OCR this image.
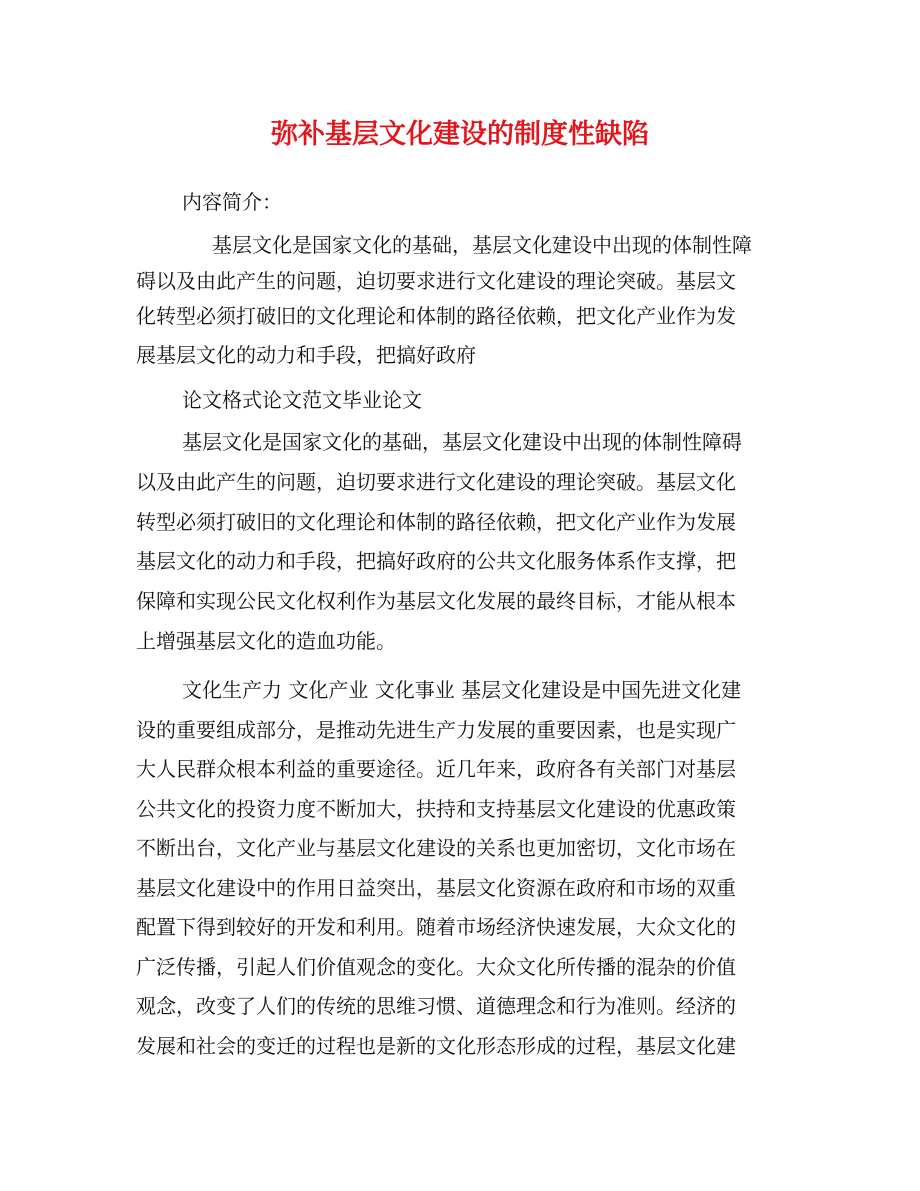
弥补基层文化建设的制度性缺陷
内容简介：
基层文化是国家文化的基础，基层文化建设中出现的体制性障
碍以及由此产生的问题，迫切要求进行文化建设的理论突破。基层文
化转型必须打破旧的文化理论和体制的路径依赖，把文化产业作为发
展基层文化的动力和手段，把搞好政府
论文格式论文范文毕业论文
基层文化是国家文化的基础，基层文化建设中出现的体制性障碍
以及由此产生的问题，迫切要求进行文化建设的理论突破。基层文化
转型必须打破旧的文化理论和体制的路径依赖，把文化产业作为发展
基层文化的动力和手段，把搞好政府的公共文化服务体系作支撑，把
保障和实现公民文化权利作为基层文化发展的最终目标，才能从根本
上增强基层文化的造血功能。
文化生产力 文化产业 文化事业 基层文化建设是中国先进文化建
设的重要组成部分，是推动先进生产力发展的重要因素，也是实现广
大人民群众根本利益的重要途径。近几年来，政府各有关部门对基层
公共文化的投资力度不断加大，扶持和支持基层文化建设的优惠政策
不断出台，文化产业与基层文化建设的关系也更加密切，文化市场在
基层文化建设中的作用日益突出，基层文化资源在政府和市场的双重
配置下得到较好的开发和利用。随着市场经济快速发展，大众文化的
广泛传播，引起人们价值观念的变化。大众文化所传播的混杂的价值
观念，改变了人们的传统的思维习惯、道德理念和行为准则。经济的
发展和社会的变迁的过程也是新的文化形态形成的过程，基层文化建
